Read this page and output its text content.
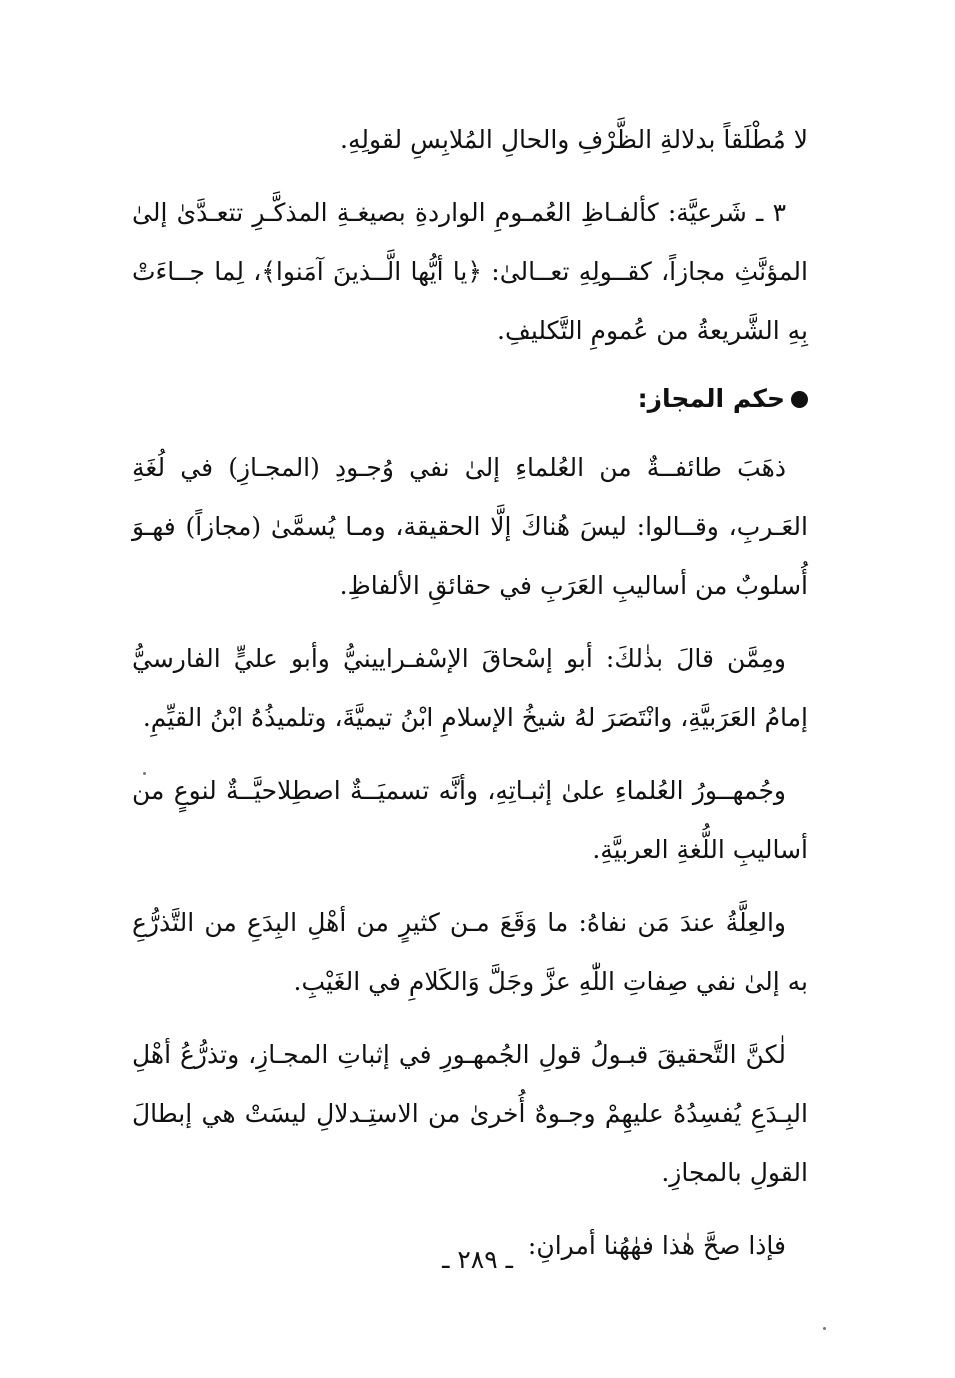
لا مُطْلَقاً بدلالةِ الظَّرْفِ والحالِ المُلابِسِ لقولِهِ.

٣ ـ شَرعيَّة: كألفـاظِ العُمـومِ الواردةِ بصيغـةِ المذكَّـرِ تتعـدَّىٰ إلىٰ المؤنَّثِ مجازاً، كقــولِهِ تعــالىٰ: ﴿يا أيُّها الَّــذينَ آمَنوا﴾، لِما جــاءَتْ بِهِ الشَّريعةُ من عُمومِ التَّكليفِ.

حكم المجاز:

ذهَبَ طائفــةٌ من العُلماءِ إلىٰ نفي وُجـودِ (المجـازِ) في لُغَةِ العَـربِ، وقــالوا: ليسَ هُناكَ إلَّا الحقيقة، ومـا يُسمَّىٰ (مجازاً) فهـوَ أُسلوبٌ من أساليبِ العَرَبِ في حقائقِ الألفاظِ.

ومِمَّن قالَ بذٰلكَ: أبو إسْحاقَ الإسْفـرايينيُّ وأبو عليٍّ الفارسيُّ إمامُ العَرَبيَّةِ، وانْتَصَرَ لهُ شيخُ الإسلامِ ابْنُ تيميَّةَ، وتلميذُهُ ابْنُ القيِّمِ.

وجُمهــورُ العُلماءِ علىٰ إثبـاتِهِ، وأنَّه تسميَــةٌ اصطِلاحيَّــةٌ لنوعٍ من أساليبِ اللُّغةِ العربيَّةِ.

والعِلَّةُ عندَ مَن نفاهُ: ما وَقَعَ مـن كثيرٍ من أهْلِ البِدَعِ من التَّذرُّعِ به إلىٰ نفي صِفاتِ اللّٰهِ عزَّ وجَلَّ وَالكَلامِ في الغَيْبِ.

لٰكنَّ التَّحقيقَ قبـولُ قولِ الجُمهـورِ في إثباتِ المجـازِ، وتذرُّعُ أهْلِ البِـدَعِ يُفسِدُهُ عليهِمْ وجـوهٌ أُخرىٰ من الاستِـدلالِ ليسَتْ هي إبطالَ القولِ بالمجازِ.

فإذا صحَّ هٰذا فهٰهُنا أمرانِ:

ـ ٢٨٩ ـ
